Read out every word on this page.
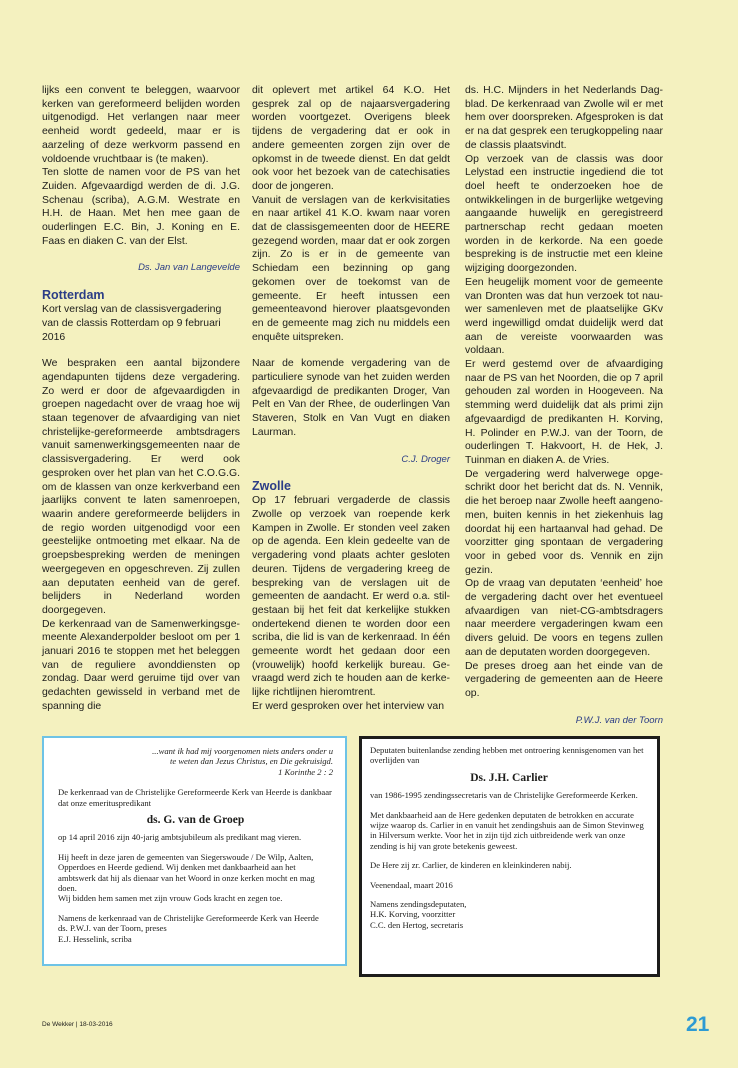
lijks een convent te beleggen, waarvoor kerken van gereformeerd belijden worden uitgenodigd. Het verlangen naar meer eenheid wordt gedeeld, maar er is aarzeling of deze werkvorm passend en voldoende vruchtbaar is (te maken).

Ten slotte de namen voor de PS van het Zuiden. Afgevaardigd werden de di. J.G. Schenau (scriba), A.G.M. Westrate en H.H. de Haan. Met hen mee gaan de ouderlingen E.C. Bin, J. Koning en E. Faas en diaken C. van der Elst.

Ds. Jan van Langevelde

Rotterdam

Kort verslag van de classisvergadering van de classis Rotterdam op 9 februari 2016

We bespraken een aantal bijzondere agendapunten tijdens deze vergadering. Zo werd er door de afgevaardigden in groepen nagedacht over de vraag hoe wij staan tegenover de afvaardiging van niet christelijke-gereformeerde ambtsdragers vanuit samenwerkingsgemeenten naar de classisvergadering. Er werd ook gesproken over het plan van het C.O.G.G. om de klassen van onze kerkverband een jaarlijks convent te laten samenroepen, waarin andere gereformeerde belijders in de regio worden uitgenodigd voor een geestelijke ontmoeting met elkaar. Na de groepsbespreking werden de meningen weergegeven en opgeschreven. Zij zullen aan deputaten eenheid van de geref. belijders in Nederland worden doorgegeven.

De kerkenraad van de Samenwerkingsgemeente Alexanderpolder besloot om per 1 januari 2016 te stoppen met het beleggen van de reguliere avonddiensten op zondag. Daar werd geruime tijd over van gedachten gewisseld in verband met de spanning die

dit oplevert met artikel 64 K.O. Het gesprek zal op de najaarsvergadering worden voortgezet. Overigens bleek tijdens de vergadering dat er ook in andere gemeenten zorgen zijn over de opkomst in de tweede dienst. En dat geldt ook voor het bezoek van de catechisaties door de jongeren.

Vanuit de verslagen van de kerkvisitaties en naar artikel 41 K.O. kwam naar voren dat de classisgemeenten door de HEERE gezegend worden, maar dat er ook zorgen zijn. Zo is er in de gemeente van Schiedam een bezinning op gang gekomen over de toekomst van de gemeente. Er heeft intussen een gemeenteavond hierover plaatsgevonden en de gemeente mag zich nu middels een enquête uitspreken.

Naar de komende vergadering van de particuliere synode van het zuiden werden afgevaardigd de predikanten Droger, Van Pelt en Van der Rhee, de ouderlingen Van Staveren, Stolk en Van Vugt en diaken Laurman.

C.J. Droger

Zwolle

Op 17 februari vergaderde de classis Zwolle op verzoek van roepende kerk Kampen in Zwolle. Er stonden veel zaken op de agenda. Een klein gedeelte van de vergadering vond plaats achter gesloten deuren. Tijdens de vergadering kreeg de bespreking van de verslagen uit de gemeenten de aandacht. Er werd o.a. stilgestaan bij het feit dat kerkelijke stukken ondertekend dienen te worden door een scriba, die lid is van de kerkenraad. In één gemeente wordt het gedaan door een (vrouwelijk) hoofd kerkelijk bureau. Gevraagd werd zich te houden aan de kerkelijke richtlijnen hieromtrent.

Er werd gesproken over het interview van

ds. H.C. Mijnders in het Nederlands Dagblad. De kerkenraad van Zwolle wil er met hem over doorspreken. Afgesproken is dat er na dat gesprek een terugkoppeling naar de classis plaatsvindt.

Op verzoek van de classis was door Lelystad een instructie ingediend die tot doel heeft te onderzoeken hoe de ontwikkelingen in de burgerlijke wetgeving aangaande huwelijk en geregistreerd partnerschap recht gedaan moeten worden in de kerkorde. Na een goede bespreking is de instructie met een kleine wijziging doorgezonden.

Een heugelijk moment voor de gemeente van Dronten was dat hun verzoek tot nauwer samenleven met de plaatselijke GKv werd ingewilligd omdat duidelijk werd dat aan de vereiste voorwaarden was voldaan.

Er werd gestemd over de afvaardiging naar de PS van het Noorden, die op 7 april gehouden zal worden in Hoogeveen. Na stemming werd duidelijk dat als primi zijn afgevaardigd de predikanten H. Korving, H. Polinder en P.W.J. van der Toorn, de ouderlingen T. Hakvoort, H. de Hek, J. Tuinman en diaken A. de Vries.

De vergadering werd halverwege opgeschrikt door het bericht dat ds. N. Vennik, die het beroep naar Zwolle heeft aangenomen, buiten kennis in het ziekenhuis lag doordat hij een hartaanval had gehad. De voorzitter ging spontaan de vergadering voor in gebed voor ds. Vennik en zijn gezin.

Op de vraag van deputaten ‘eenheid’ hoe de vergadering dacht over het eventueel afvaardigen van niet-CG-ambtsdragers naar meerdere vergaderingen kwam een divers geluid. De voors en tegens zullen aan de deputaten worden doorgegeven.

De preses droeg aan het einde van de vergadering de gemeenten aan de Heere op.

P.W.J. van der Toorn

...want ik had mij voorgenomen niets anders onder u

te weten dan Jezus Christus, en Die gekruisigd.

1 Korinthe 2 : 2

De kerkenraad van de Christelijke Gereformeerde Kerk van Heerde is dankbaar dat onze emerituspredikant

ds. G. van de Groep

op 14 april 2016 zijn 40-jarig ambtsjubileum als predikant mag vieren.

Hij heeft in deze jaren de gemeenten van Siegerswoude / De Wilp, Aalten, Opperdoes en Heerde gediend. Wij denken met dankbaarheid aan het ambtswerk dat hij als dienaar van het Woord in onze kerken mocht en mag doen.

Wij bidden hem samen met zijn vrouw Gods kracht en zegen toe.

Namens de kerkenraad van de Christelijke Gereformeerde Kerk van Heerde

ds. P.W.J. van der Toorn, preses

E.J. Hesselink, scriba

Deputaten buitenlandse zending hebben met ontroering kennisgenomen van het overlijden van

Ds. J.H. Carlier

van 1986-1995 zendingssecretaris van de Christelijke Gereformeerde Kerken.

Met dankbaarheid aan de Here gedenken deputaten de betrokken en accurate wijze waarop ds. Carlier in en vanuit het zendingshuis aan de Simon Stevinweg in Hilversum werkte. Voor het in zijn tijd zich uitbreidende werk van onze zending is hij van grote betekenis geweest.

De Here zij zr. Carlier, de kinderen en kleinkinderen nabij.

Veenendaal, maart 2016

Namens zendingsdeputaten,

H.K. Korving, voorzitter

C.C. den Hertog, secretaris

De Wekker | 18-03-2016	21
